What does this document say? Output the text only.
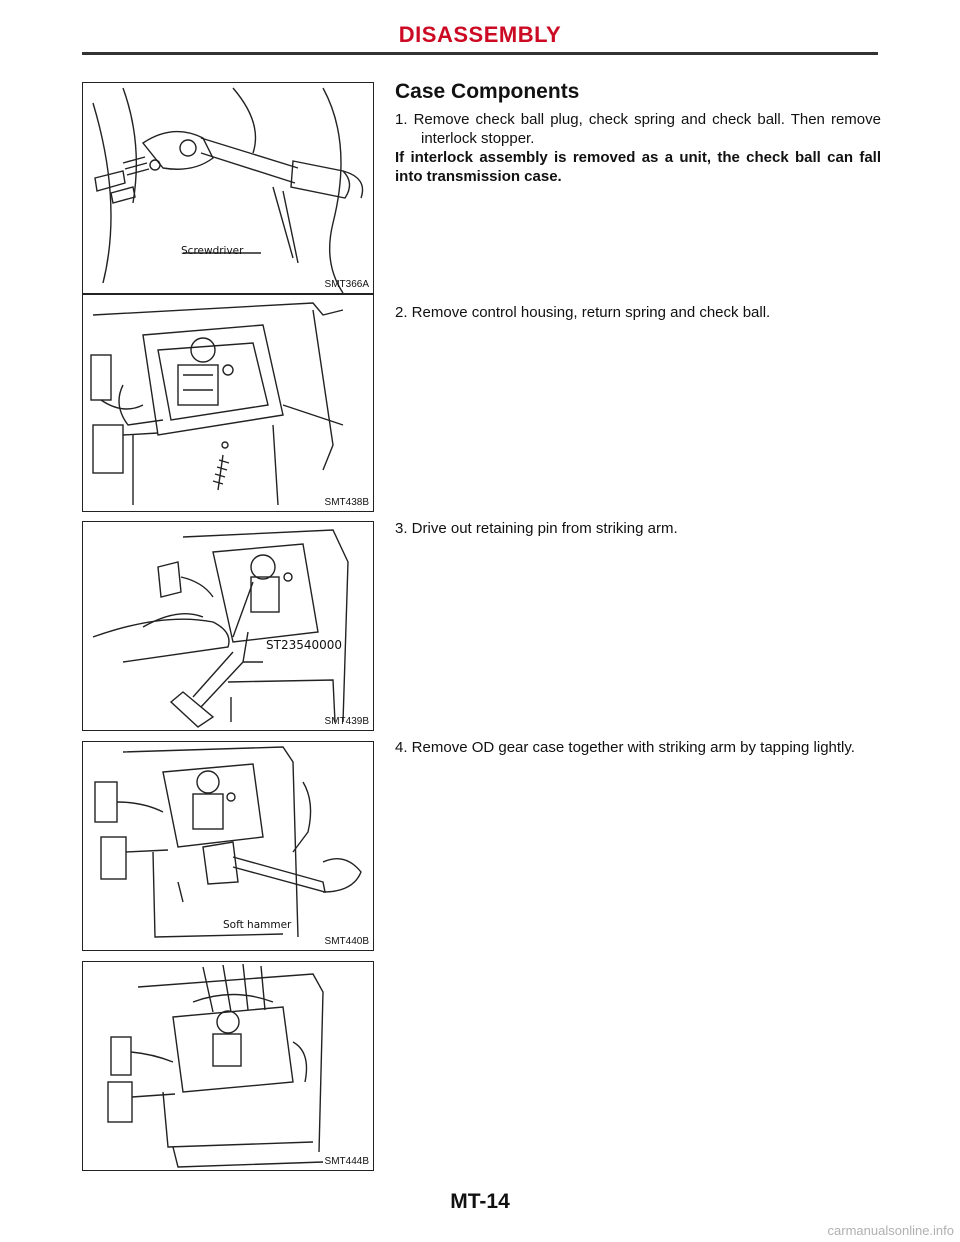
DISASSEMBLY
Screwdriver
SMT366A
SMT438B
ST23540000
SMT439B
Soft hammer
SMT440B
SMT444B
Case Components

1. Remove check ball plug, check spring and check ball. Then remove interlock stopper.

If interlock assembly is removed as a unit, the check ball can fall into transmission case.

2. Remove control housing, return spring and check ball.

3. Drive out retaining pin from striking arm.

4. Remove OD gear case together with striking arm by tapping lightly.

MT-14
carmanualsonline.info
